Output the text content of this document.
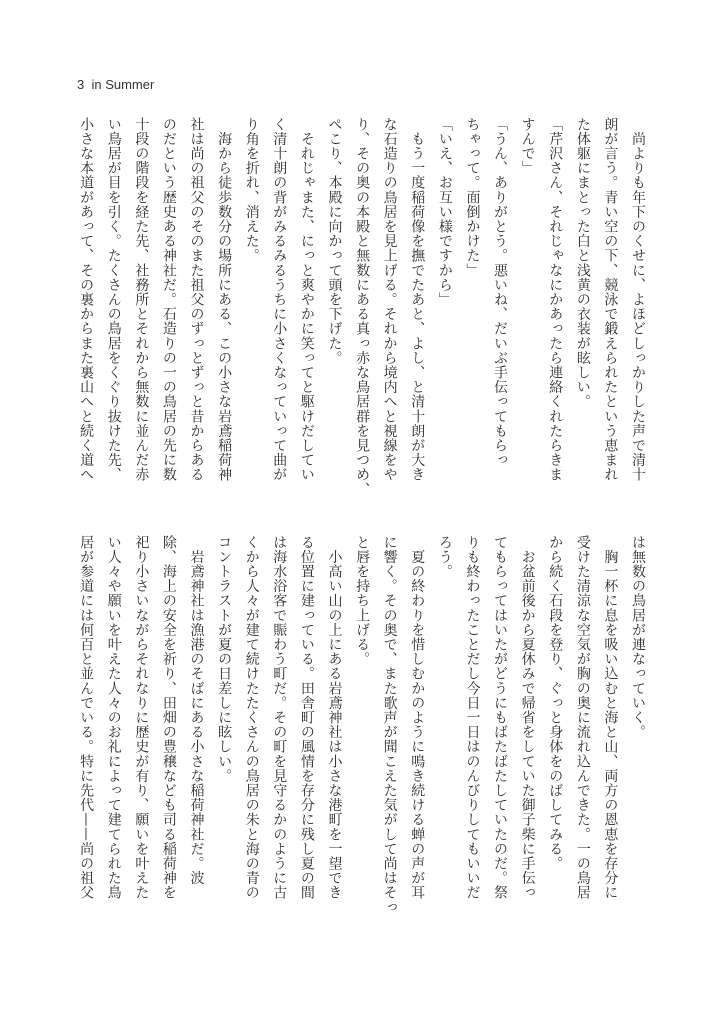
3 in Summer
　尚よりも年下のくせに、よほどしっかりした声で清十
朗が言う。青い空の下、競泳で鍛えられたという恵まれ
た体躯にまとった白と浅黄の衣装が眩しい。
「芹沢さん、それじゃなにかあったら連絡くれたらきま
すんで」
「うん、ありがとう。悪いね、だいぶ手伝ってもらっ
ちゃって。面倒かけた」
「いえ、お互い様ですから」
　もう一度稲荷像を撫でたあと、よし、と清十朗が大き
な石造りの鳥居を見上げる。それから境内へと視線をや
り、その奥の本殿と無数にある真っ赤な鳥居群を見つめ、
ぺこり、本殿に向かって頭を下げた。
　それじゃまた、にっと爽やかに笑ってと駆けだしてい
く清十朗の背がみるみるうちに小さくなっていって曲が
り角を折れ、消えた。
　海から徒歩数分の場所にある、この小さな岩鳶稲荷神
社は尚の祖父のそのまた祖父のずっとずっと昔からある
のだという歴史ある神社だ。石造りの一の鳥居の先に数
十段の階段を経た先、社務所とそれから無数に並んだ赤
い鳥居が目を引く。たくさんの鳥居をくぐり抜けた先、
小さな本道があって、その裏からまた裏山へと続く道へ
は無数の鳥居が連なっていく。
　胸一杯に息を吸い込むと海と山、両方の恩恵を存分に
受けた清涼な空気が胸の奥に流れ込んできた。一の鳥居
から続く石段を登り、ぐっと身体をのばしてみる。
　お盆前後から夏休みで帰省をしていた御子柴に手伝っ
てもらってはいたがどうにもばたばたしていたのだ。祭
りも終わったことだし今日一日はのんびりしてもいいだ
ろう。
　夏の終わりを惜しむかのように鳴き続ける蝉の声が耳
に響く。その奥で、また歌声が聞こえた気がして尚はそっ
と唇を持ち上げる。
　小高い山の上にある岩鳶神社は小さな港町を一望でき
る位置に建っている。田舎町の風情を存分に残し夏の間
は海水浴客で賑わう町だ。その町を見守るかのように古
くから人々が建て続けたたくさんの鳥居の朱と海の青の
コントラストが夏の日差しに眩しい。
　岩鳶神社は漁港のそばにある小さな稲荷神社だ。波
除、海上の安全を祈り、田畑の豊穣なども司る稲荷神を
祀り小さいながらそれなりに歴史が有り、願いを叶えた
い人々や願いを叶えた人々のお礼によって建てられた鳥
居が参道には何百と並んでいる。特に先代——尚の祖父
